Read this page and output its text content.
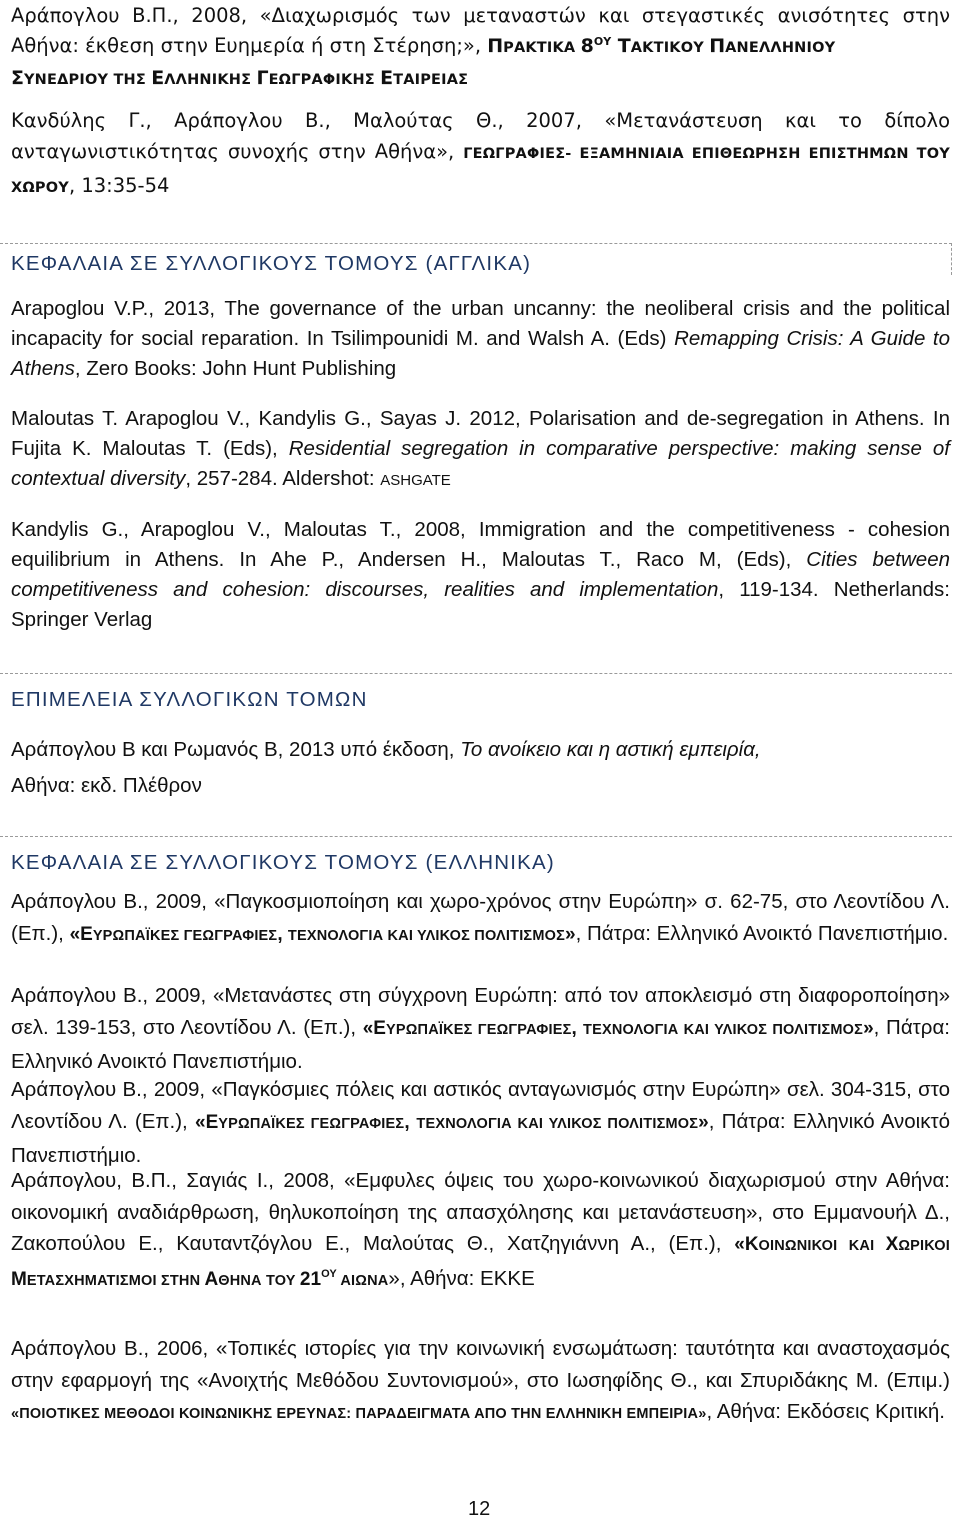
Αράπογλου Β.Π., 2008, «Διαχωρισμός των μεταναστών και στεγαστικές ανισότητες στην Αθήνα: έκθεση στην Ευημερία ή στη Στέρηση;», ΠΡΑΚΤΙΚΑ $8^{O\Upsilon}$ ΤΑΚΤΙΚΟΥ ΠΑΝΕΛΛΗΝΙΟΥ
ΣΥΝΕΔΡΙΟΥ ΤΗΣ ΕΛΛΗΝΙΚΗΣ ΓΕΩΓΡΑΦΙΚΗΣ ΕΤΑΙΡΕΙΑΣ
Κανδύλης Γ., Αράπογλου Β., Μαλούτας Θ., 2007, «Μετανάστευση και το δίπολο ανταγωνιστικότητας συνοχής στην Αθήνα», ΓΕΩΓΡΑΦΙΕΣ- ΕΞΑΜΗΝΙΑΙΑ ΕΠΙΘΕΩΡΗΣΗ ΕΠΙΣΤΗΜΩΝ ΤΟΥ ΧΩΡΟΥ, 13:35-54
ΚΕΦΑΛΑΙΑ ΣΕ ΣΥΛΛΟΓΙΚΟΥΣ ΤΟΜΟΥΣ (ΑΓΓΛΙΚΑ)
Arapoglou V.P., 2013, The governance of the urban uncanny: the neoliberal crisis and the political incapacity for social reparation. In Tsilimpounidi M. and Walsh A. (Eds) Remapping Crisis: A Guide to Athens, Zero Books: John Hunt Publishing
Maloutas T. Arapoglou V., Kandylis G., Sayas J. 2012, Polarisation and de-segregation in Athens. In Fujita K. Maloutas T. (Eds), Residential segregation in comparative perspective: making sense of contextual diversity, 257-284. Aldershot: ASHGATE
Kandylis G., Arapoglou V., Maloutas T., 2008, Immigration and the competitiveness - cohesion equilibrium in Athens. In Ahe P., Andersen H., Maloutas T., Raco M, (Eds), Cities between competitiveness and cohesion: discourses, realities and implementation, 119-134. Netherlands: Springer Verlag
ΕΠΙΜΕΛΕΙΑ ΣΥΛΛΟΓΙΚΩΝ ΤΟΜΩΝ
Αράπογλου Β και Ρωμανός Β, 2013 υπό έκδοση, Το ανοίκειο και η αστική εμπειρία,
Αθήνα: εκδ. Πλέθρον
ΚΕΦΑΛΑΙΑ ΣΕ ΣΥΛΛΟΓΙΚΟΥΣ ΤΟΜΟΥΣ (ΕΛΛΗΝΙΚΑ)
Αράπογλου Β., 2009, «Παγκοσμιοποίηση και χωρο-χρόνος στην Ευρώπη» σ. 62-75, στο Λεοντίδου Λ. (Επ.), «ΕΥΡΩΠΑΪΚΕΣ ΓΕΩΓΡΑΦΙΕΣ, ΤΕΧΝΟΛΟΓΙΑ ΚΑΙ ΥΛΙΚΟΣ ΠΟΛΙΤΙΣΜΟΣ», Πάτρα: Ελληνικό Ανοικτό Πανεπιστήμιο.
Αράπογλου Β., 2009, «Μετανάστες στη σύγχρονη Ευρώπη: από τον αποκλεισμό στη διαφοροποίηση» σελ. 139-153, στο Λεοντίδου Λ. (Επ.), «ΕΥΡΩΠΑΪΚΕΣ ΓΕΩΓΡΑΦΙΕΣ, ΤΕΧΝΟΛΟΓΙΑ ΚΑΙ ΥΛΙΚΟΣ ΠΟΛΙΤΙΣΜΟΣ», Πάτρα: Ελληνικό Ανοικτό Πανεπιστήμιο.
Αράπογλου Β., 2009, «Παγκόσμιες πόλεις και αστικός ανταγωνισμός στην Ευρώπη» σελ. 304-315, στο Λεοντίδου Λ. (Επ.), «ΕΥΡΩΠΑΪΚΕΣ ΓΕΩΓΡΑΦΙΕΣ, ΤΕΧΝΟΛΟΓΙΑ ΚΑΙ ΥΛΙΚΟΣ ΠΟΛΙΤΙΣΜΟΣ», Πάτρα: Ελληνικό Ανοικτό Πανεπιστήμιο.
Αράπογλου, Β.Π., Σαγιάς Ι., 2008, «Εμφυλες όψεις του χωρο-κοινωνικού διαχωρισμού στην Αθήνα: οικονομική αναδιάρθρωση, θηλυκοποίηση της απασχόλησης και μετανάστευση», στο Εμμανουήλ Δ., Ζακοπούλου Ε., Καυταντζόγλου Ε., Μαλούτας Θ., Χατζηγιάννη Α., (Επ.), «ΚΟΙΝΩΝΙΚΟΙ ΚΑΙ ΧΩΡΙΚΟΙ ΜΕΤΑΣΧΗΜΑΤΙΣΜΟΙ ΣΤΗΝ ΑΘΗΝΑ ΤΟΥ $21^{O\Upsilon}$ ΑΙΩΝΑ», Αθήνα: ΕΚΚΕ
Αράπογλου Β., 2006, «Τοπικές ιστορίες για την κοινωνική ενσωμάτωση: ταυτότητα και αναστοχασμός στην εφαρμογή της «Ανοιχτής Μεθόδου Συντονισμού», στο Ιωσηφίδης Θ., και Σπυριδάκης Μ. (Επιμ.) «ΠΟΙΟΤΙΚΕΣ ΜΕΘΟΔΟΙ ΚΟΙΝΩΝΙΚΗΣ ΕΡΕΥΝΑΣ: ΠΑΡΑΔΕΙΓΜΑΤΑ ΑΠΟ ΤΗΝ ΕΛΛΗΝΙΚΗ ΕΜΠΕΙΡΙΑ», Αθήνα: Εκδόσεις Κριτική.
12
